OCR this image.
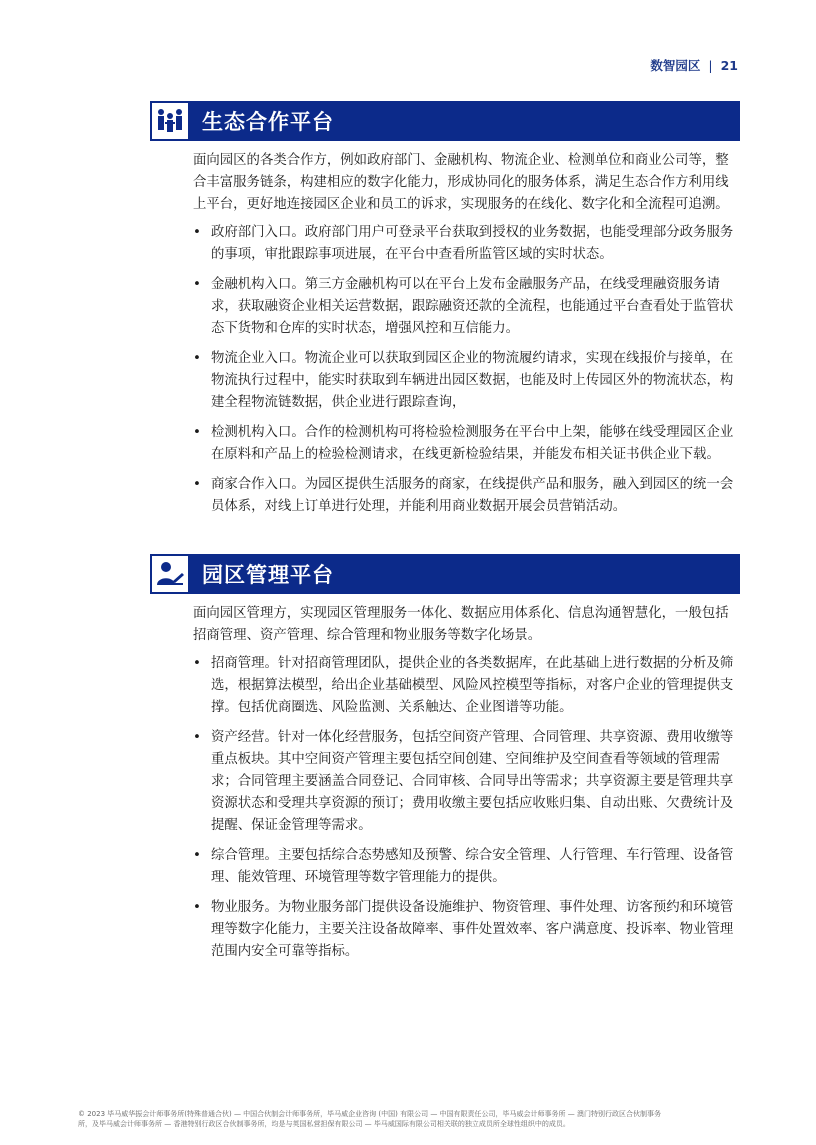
数智园区 | 21
生态合作平台

面向园区的各类合作方，例如政府部门、金融机构、物流企业、检测单位和商业公司等，整合丰富服务链条，构建相应的数字化能力，形成协同化的服务体系，满足生态合作方利用线上平台，更好地连接园区企业和员工的诉求，实现服务的在线化、数字化和全流程可追溯。

• 政府部门入口。政府部门用户可登录平台获取到授权的业务数据，也能受理部分政务服务的事项，审批跟踪事项进展，在平台中查看所监管区域的实时状态。
• 金融机构入口。第三方金融机构可以在平台上发布金融服务产品，在线受理融资服务请求，获取融资企业相关运营数据，跟踪融资还款的全流程，也能通过平台查看处于监管状态下货物和仓库的实时状态，增强风控和互信能力。
• 物流企业入口。物流企业可以获取到园区企业的物流履约请求，实现在线报价与接单，在物流执行过程中，能实时获取到车辆进出园区数据，也能及时上传园区外的物流状态，构建全程物流链数据，供企业进行跟踪查询，
• 检测机构入口。合作的检测机构可将检验检测服务在平台中上架，能够在线受理园区企业在原料和产品上的检验检测请求，在线更新检验结果，并能发布相关证书供企业下载。
• 商家合作入口。为园区提供生活服务的商家，在线提供产品和服务，融入到园区的统一会员体系，对线上订单进行处理，并能利用商业数据开展会员营销活动。
园区管理平台

面向园区管理方，实现园区管理服务一体化、数据应用体系化、信息沟通智慧化，一般包括招商管理、资产管理、综合管理和物业服务等数字化场景。

• 招商管理。针对招商管理团队，提供企业的各类数据库，在此基础上进行数据的分析及筛选，根据算法模型，给出企业基础模型、风险风控模型等指标，对客户企业的管理提供支撑。包括优商圈选、风险监测、关系触达、企业图谱等功能。
• 资产经营。针对一体化经营服务，包括空间资产管理、合同管理、共享资源、费用收缴等重点板块。其中空间资产管理主要包括空间创建、空间维护及空间查看等领域的管理需求；合同管理主要涵盖合同登记、合同审核、合同导出等需求；共享资源主要是管理共享资源状态和受理共享资源的预订；费用收缴主要包括应收账归集、自动出账、欠费统计及提醒、保证金管理等需求。
• 综合管理。主要包括综合态势感知及预警、综合安全管理、人行管理、车行管理、设备管理、能效管理、环境管理等数字管理能力的提供。
• 物业服务。为物业服务部门提供设备设施维护、物资管理、事件处理、访客预约和环境管理等数字化能力，主要关注设备故障率、事件处置效率、客户满意度、投诉率、物业管理范围内安全可靠等指标。
© 2023 毕马威华振会计师事务所(特殊普通合伙) — 中国合伙制会计师事务所，毕马威企业咨询 (中国) 有限公司 — 中国有限责任公司，毕马威会计师事务所 — 澳门特别行政区合伙制事务
所，及毕马威会计师事务所 — 香港特别行政区合伙制事务所，均是与英国私营担保有限公司 — 毕马威国际有限公司相关联的独立成员所全球性组织中的成员。
